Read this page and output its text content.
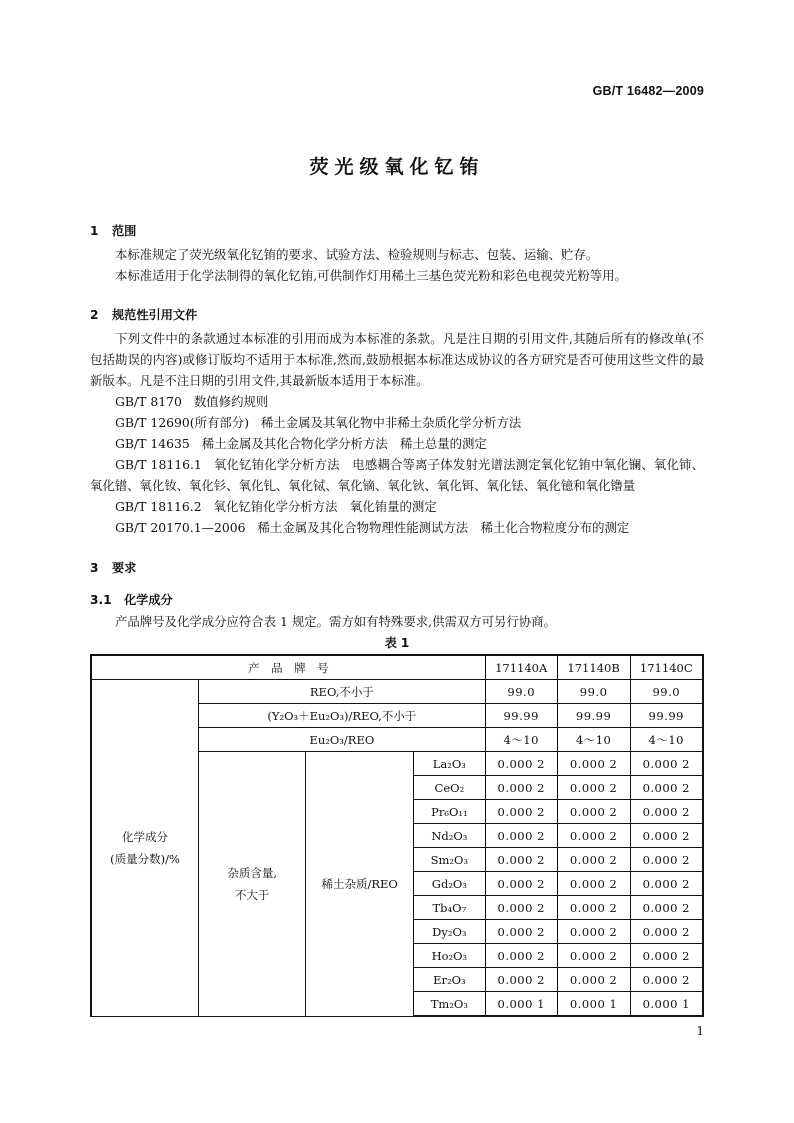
GB/T 16482—2009
荧光级氧化钇铕
1 范围
本标准规定了荧光级氧化钇铕的要求、试验方法、检验规则与标志、包装、运输、贮存。
本标准适用于化学法制得的氧化钇铕,可供制作灯用稀土三基色荧光粉和彩色电视荧光粉等用。
2 规范性引用文件
下列文件中的条款通过本标准的引用而成为本标准的条款。凡是注日期的引用文件,其随后所有的修改单(不包括勘误的内容)或修订版均不适用于本标准,然而,鼓励根据本标准达成协议的各方研究是否可使用这些文件的最新版本。凡是不注日期的引用文件,其最新版本适用于本标准。
GB/T 8170 数值修约规则
GB/T 12690(所有部分) 稀土金属及其氧化物中非稀土杂质化学分析方法
GB/T 14635 稀土金属及其化合物化学分析方法　稀土总量的测定
GB/T 18116.1 氧化钇铕化学分析方法　电感耦合等离子体发射光谱法测定氧化钇铕中氧化镧、氧化铈、氧化镨、氧化钕、氧化钐、氧化钆、氧化铽、氧化镝、氧化钬、氧化铒、氧化铥、氧化镱和氧化镥量
GB/T 18116.2 氧化钇铕化学分析方法　氧化铕量的测定
GB/T 20170.1—2006 稀土金属及其化合物物理性能测试方法　稀土化合物粒度分布的测定
3 要求
3.1 化学成分
产品牌号及化学成分应符合表 1 规定。需方如有特殊要求,供需双方可另行协商。
表 1
产　品　牌　号				171140A	171140B	171140C

化学成分
(质量分数)/%	REO,不小于			99.0	99.0	99.0
	(Y₂O₃＋Eu₂O₃)/REO,不小于			99.99	99.99	99.99
	Eu₂O₃/REO			4～10	4～10	4～10

	杂质含量,
不大于	稀土杂质/REO	La₂O₃	0.000 2	0.000 2	0.000 2
			CeO₂	0.000 2	0.000 2	0.000 2
			Pr₆O₁₁	0.000 2	0.000 2	0.000 2
			Nd₂O₃	0.000 2	0.000 2	0.000 2
			Sm₂O₃	0.000 2	0.000 2	0.000 2
			Gd₂O₃	0.000 2	0.000 2	0.000 2
			Tb₄O₇	0.000 2	0.000 2	0.000 2
			Dy₂O₃	0.000 2	0.000 2	0.000 2
			Ho₂O₃	0.000 2	0.000 2	0.000 2
			Er₂O₃	0.000 2	0.000 2	0.000 2
			Tm₂O₃	0.000 1	0.000 1	0.000 1
1
